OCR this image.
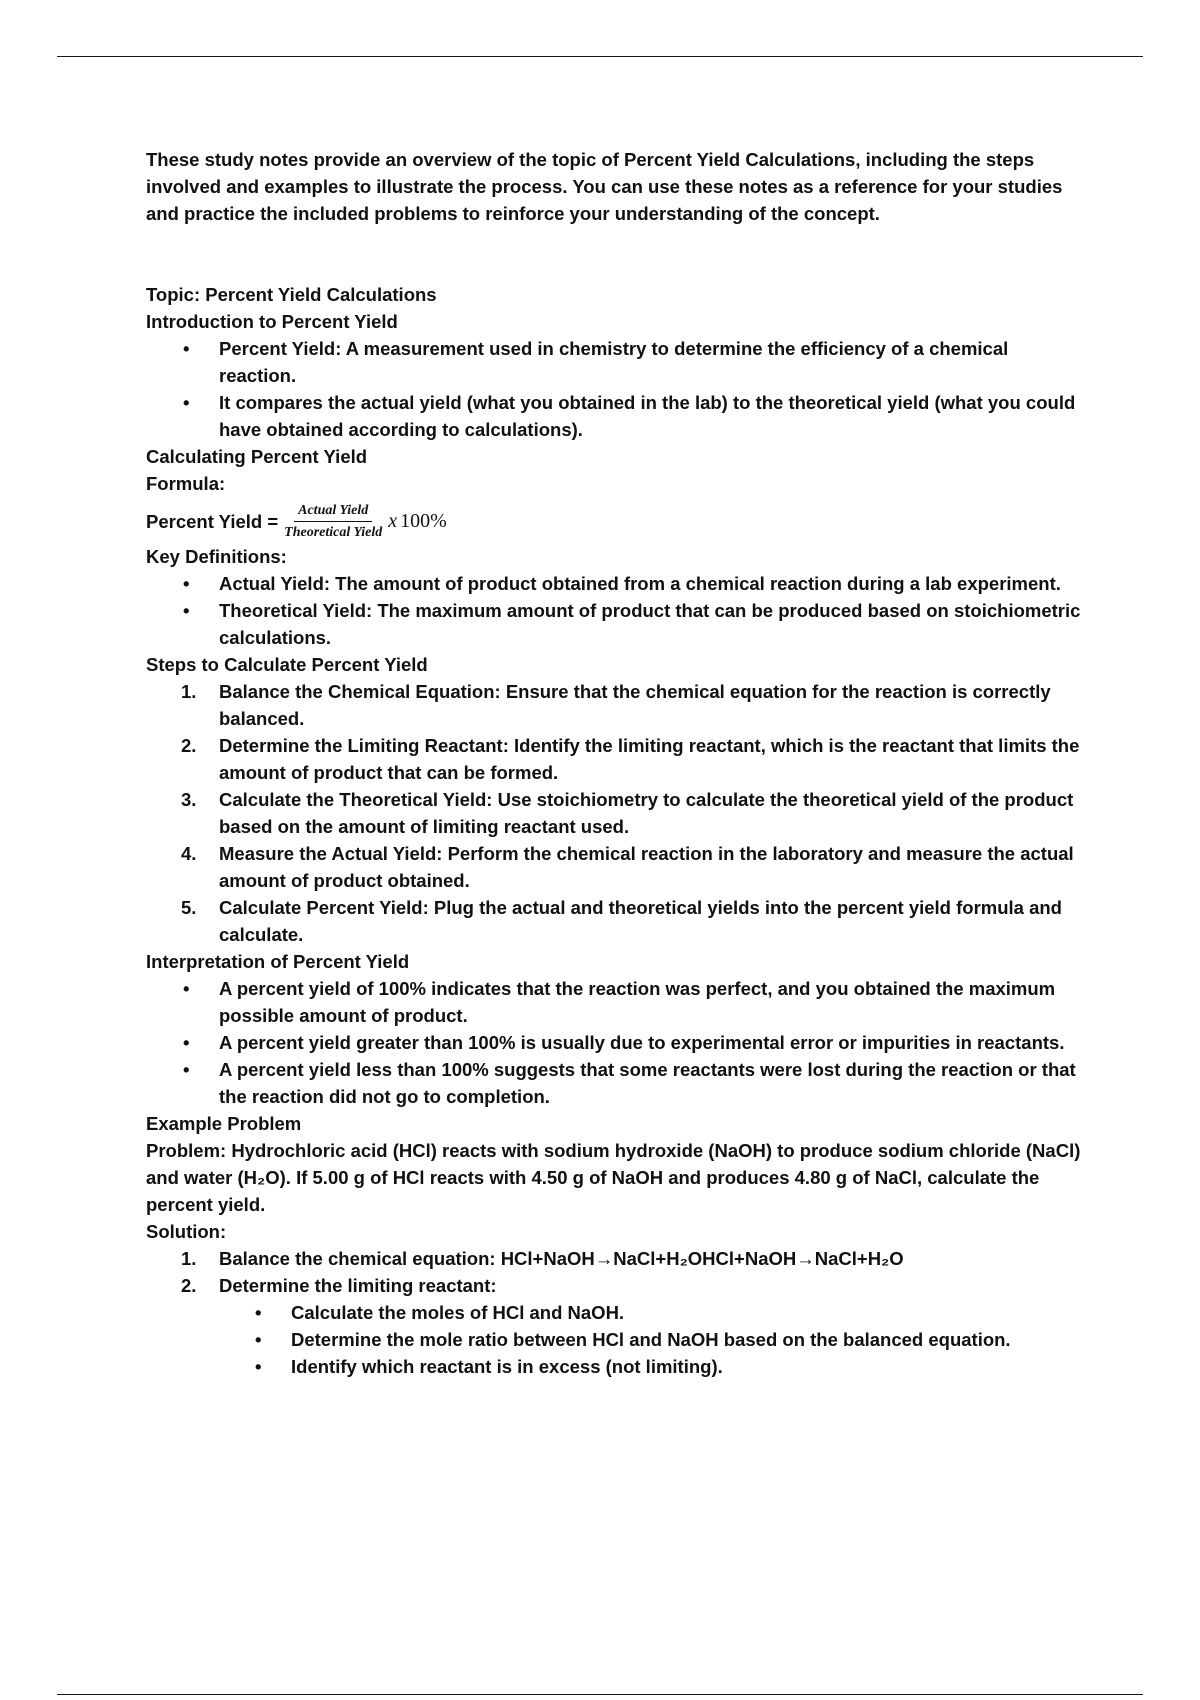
These study notes provide an overview of the topic of Percent Yield Calculations, including the steps involved and examples to illustrate the process. You can use these notes as a reference for your studies and practice the included problems to reinforce your understanding of the concept.

Topic: Percent Yield Calculations

Introduction to Percent Yield

• Percent Yield: A measurement used in chemistry to determine the efficiency of a chemical reaction.
• It compares the actual yield (what you obtained in the lab) to the theoretical yield (what you could have obtained according to calculations).

Calculating Percent Yield

Formula:

Percent Yield = $\frac{\text{Actual Yield}}{\text{Theoretical Yield}}$ x 100%

Key Definitions:

• Actual Yield: The amount of product obtained from a chemical reaction during a lab experiment.
• Theoretical Yield: The maximum amount of product that can be produced based on stoichiometric calculations.

Steps to Calculate Percent Yield

1.	Balance the Chemical Equation: Ensure that the chemical equation for the reaction is correctly balanced.
2.	Determine the Limiting Reactant: Identify the limiting reactant, which is the reactant that limits the amount of product that can be formed.
3.	Calculate the Theoretical Yield: Use stoichiometry to calculate the theoretical yield of the product based on the amount of limiting reactant used.
4.	Measure the Actual Yield: Perform the chemical reaction in the laboratory and measure the actual amount of product obtained.
5.	Calculate Percent Yield: Plug the actual and theoretical yields into the percent yield formula and calculate.

Interpretation of Percent Yield

• A percent yield of 100% indicates that the reaction was perfect, and you obtained the maximum possible amount of product.
• A percent yield greater than 100% is usually due to experimental error or impurities in reactants.
• A percent yield less than 100% suggests that some reactants were lost during the reaction or that the reaction did not go to completion.

Example Problem

Problem: Hydrochloric acid (HCl) reacts with sodium hydroxide (NaOH) to produce sodium chloride (NaCl) and water (H₂O). If 5.00 g of HCl reacts with 4.50 g of NaOH and produces 4.80 g of NaCl, calculate the percent yield.

Solution:

1.	Balance the chemical equation: HCl+NaOH→NaCl+H₂OHCl+NaOH→NaCl+H₂O
2.	Determine the limiting reactant:
•	Calculate the moles of HCl and NaOH.
•	Determine the mole ratio between HCl and NaOH based on the balanced equation.
•	Identify which reactant is in excess (not limiting).
